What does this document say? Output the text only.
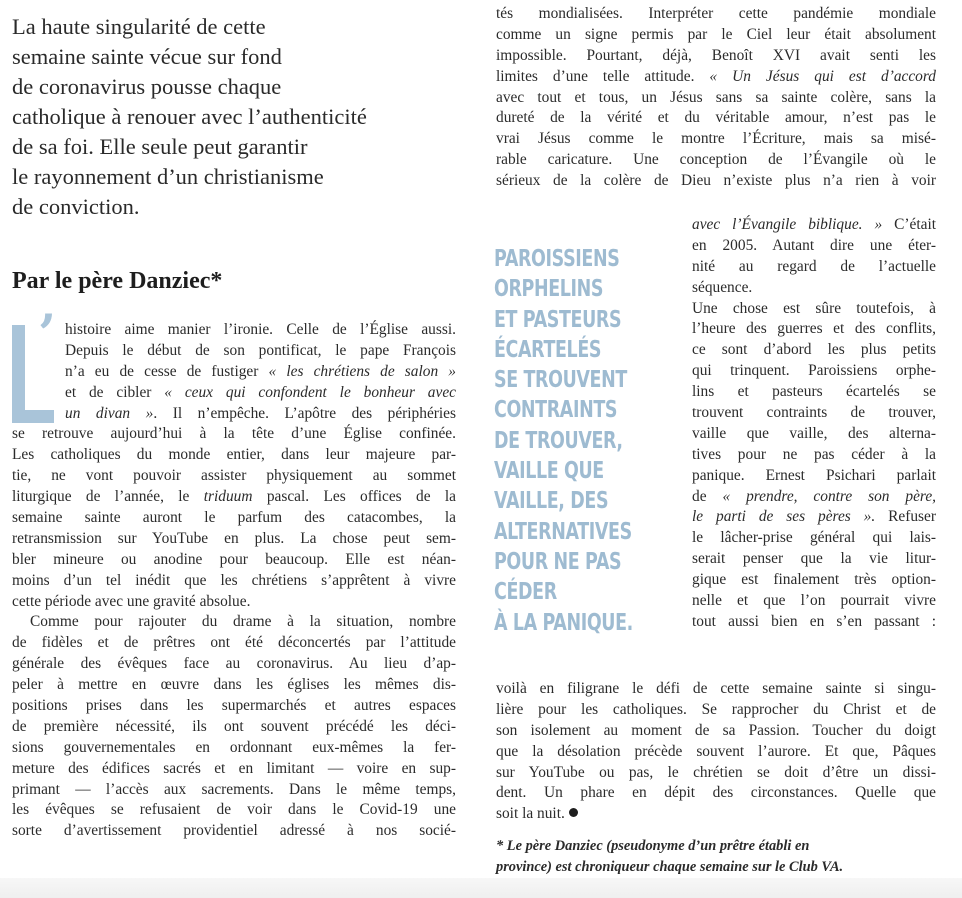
La haute singularité de cette
semaine sainte vécue sur fond
de coronavirus pousse chaque
catholique à renouer avec l’authenticité
de sa foi. Elle seule peut garantir
le rayonnement d’un christianisme
de conviction.
Par le père Danziec*
’ histoire aime manier l’ironie. Celle de l’Église aussi.
Depuis le début de son pontificat, le pape François
n’a eu de cesse de fustiger « les chrétiens de salon »
et de cibler « ceux qui confondent le bonheur avec
un divan ». Il n’empêche. L’apôtre des périphéries
se retrouve aujourd’hui à la tête d’une Église confinée.
Les catholiques du monde entier, dans leur majeure par-
tie, ne vont pouvoir assister physiquement au sommet
liturgique de l’année, le triduum pascal. Les offices de la
semaine sainte auront le parfum des catacombes, la
retransmission sur YouTube en plus. La chose peut sem-
bler mineure ou anodine pour beaucoup. Elle est néan-
moins d’un tel inédit que les chrétiens s’apprêtent à vivre
cette période avec une gravité absolue.
Comme pour rajouter du drame à la situation, nombre
de fidèles et de prêtres ont été déconcertés par l’attitude
générale des évêques face au coronavirus. Au lieu d’ap-
peler à mettre en œuvre dans les églises les mêmes dis-
positions prises dans les supermarchés et autres espaces
de première nécessité, ils ont souvent précédé les déci-
sions gouvernementales en ordonnant eux-mêmes la fer-
meture des édifices sacrés et en limitant — voire en sup-
primant — l’accès aux sacrements. Dans le même temps,
les évêques se refusaient de voir dans le Covid-19 une
sorte d’avertissement providentiel adressé à nos socié-
tés mondialisées. Interpréter cette pandémie mondiale
comme un signe permis par le Ciel leur était absolument
impossible. Pourtant, déjà, Benoît XVI avait senti les
limites d’une telle attitude. « Un Jésus qui est d’accord
avec tout et tous, un Jésus sans sa sainte colère, sans la
dureté de la vérité et du véritable amour, n’est pas le
vrai Jésus comme le montre l’Écriture, mais sa misé-
rable caricature. Une conception de l’Évangile où le
sérieux de la colère de Dieu n’existe plus n’a rien à voir
PAROISSIENS
ORPHELINS
ET PASTEURS
ÉCARTELÉS
SE TROUVENT
CONTRAINTS
DE TROUVER,
VAILLE QUE
VAILLE, DES
ALTERNATIVES
POUR NE PAS
CÉDER
À LA PANIQUE.
avec l’Évangile biblique. » C’était
en 2005. Autant dire une éter-
nité au regard de l’actuelle
séquence.
Une chose est sûre toutefois, à
l’heure des guerres et des conflits,
ce sont d’abord les plus petits
qui trinquent. Paroissiens orphe-
lins et pasteurs écartelés se
trouvent contraints de trouver,
vaille que vaille, des alterna-
tives pour ne pas céder à la
panique. Ernest Psichari parlait
de « prendre, contre son père,
le parti de ses pères ». Refuser
le lâcher-prise général qui lais-
serait penser que la vie litur-
gique est finalement très option-
nelle et que l’on pourrait vivre
tout aussi bien en s’en passant :
voilà en filigrane le défi de cette semaine sainte si singu-
lière pour les catholiques. Se rapprocher du Christ et de
son isolement au moment de sa Passion. Toucher du doigt
que la désolation précède souvent l’aurore. Et que, Pâques
sur YouTube ou pas, le chrétien se doit d’être un dissi-
dent. Un phare en dépit des circonstances. Quelle que
soit la nuit.
* Le père Danziec (pseudonyme d’un prêtre établi en
province) est chroniqueur chaque semaine sur le Club VA.
